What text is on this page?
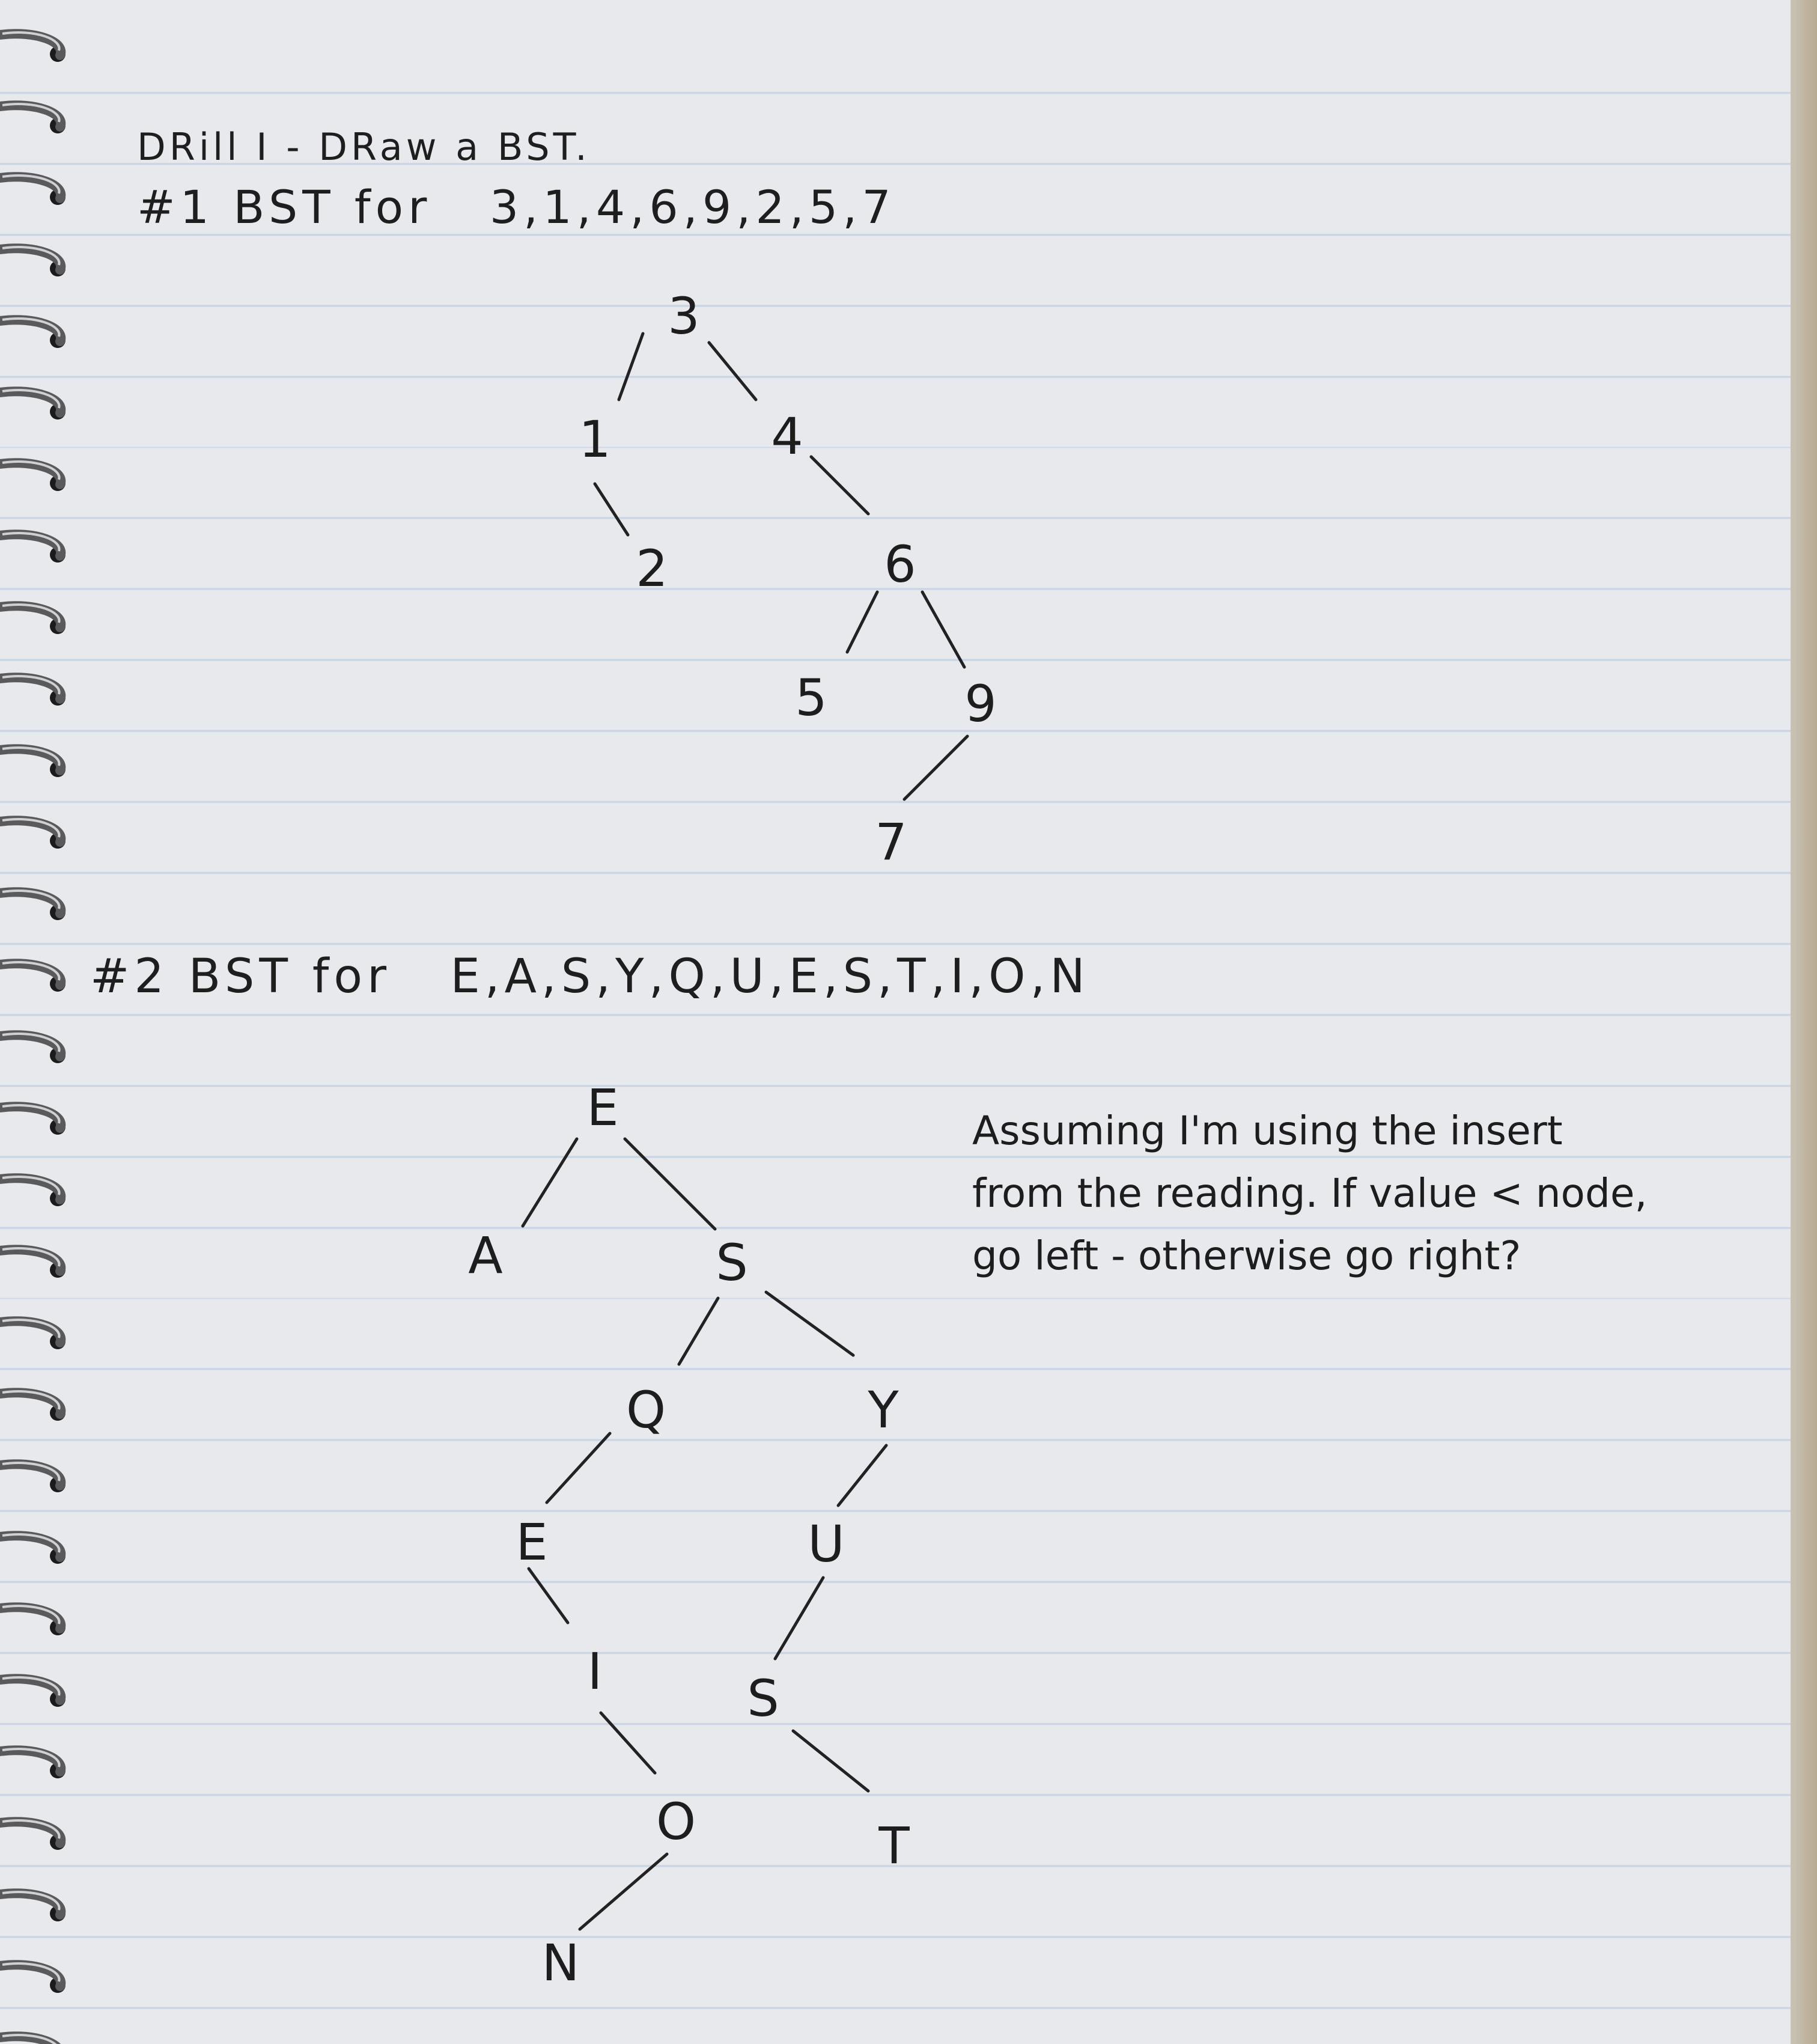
DRill I - DRaw a BST.
#1 BST for 3,1,4,6,9,2,5,7
#2 BST for E,A,S,Y,Q,U,E,S,T,I,O,N
Assuming I'm using the insert
from the reading. If value < node,
go left - otherwise go right?
3
1	4
2	6
5	9
7
E
A	S
Q	Y
E	U
I	S
O	T
N
